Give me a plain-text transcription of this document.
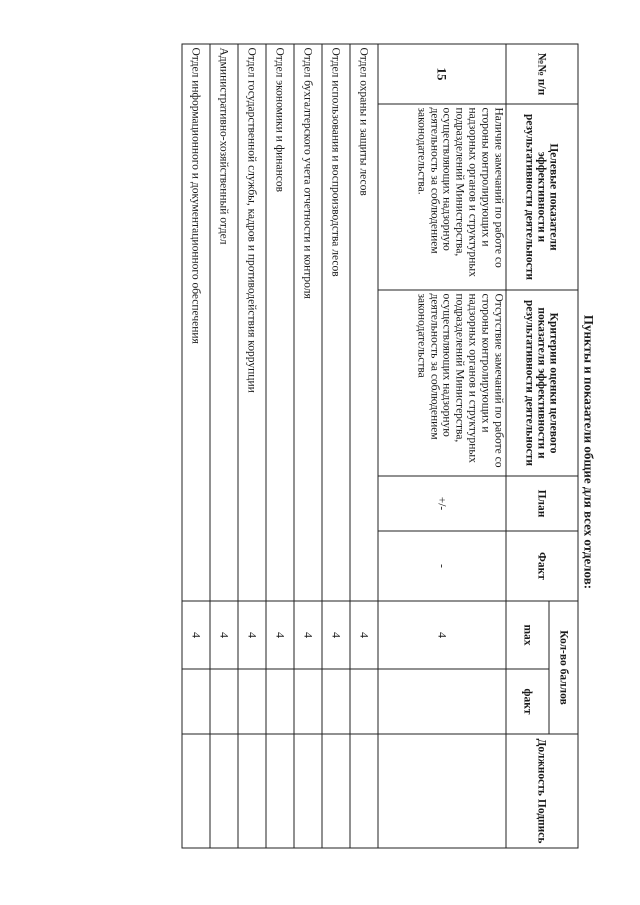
Пункты и показатели общие для всех отделов:
№№ п/п	Целевые показатели эффективности и результативности деятельности	Критерии оценки целевого показателя эффективности и результативности деятельности	План	Факт	Кол-во баллов		Должность Подпись
					max	факт	
15	Наличие замечаний по работе со стороны контролирующих и надзорных органов и структурных подразделений Министерства, осуществляющих надзорную деятельность за соблюдением законодательства.	Отсутствие замечаний по работе со стороны контролирующих и надзорных органов и структурных подразделений Министерства, осуществляющих надзорную деятельность за соблюдением законодательства	+/-	-	4		
Отдел охраны и защиты лесов					4		
Отдел использования и воспроизводства лесов					4		
Отдел бухгалтерского учета отчетности и контроля					4		
Отдел экономики и финансов					4		
Отдел государственной службы, кадров и противодействия коррупции					4		
Административно-хозяйственный отдел					4		
Отдел информационного и документационного обеспечения					4		
